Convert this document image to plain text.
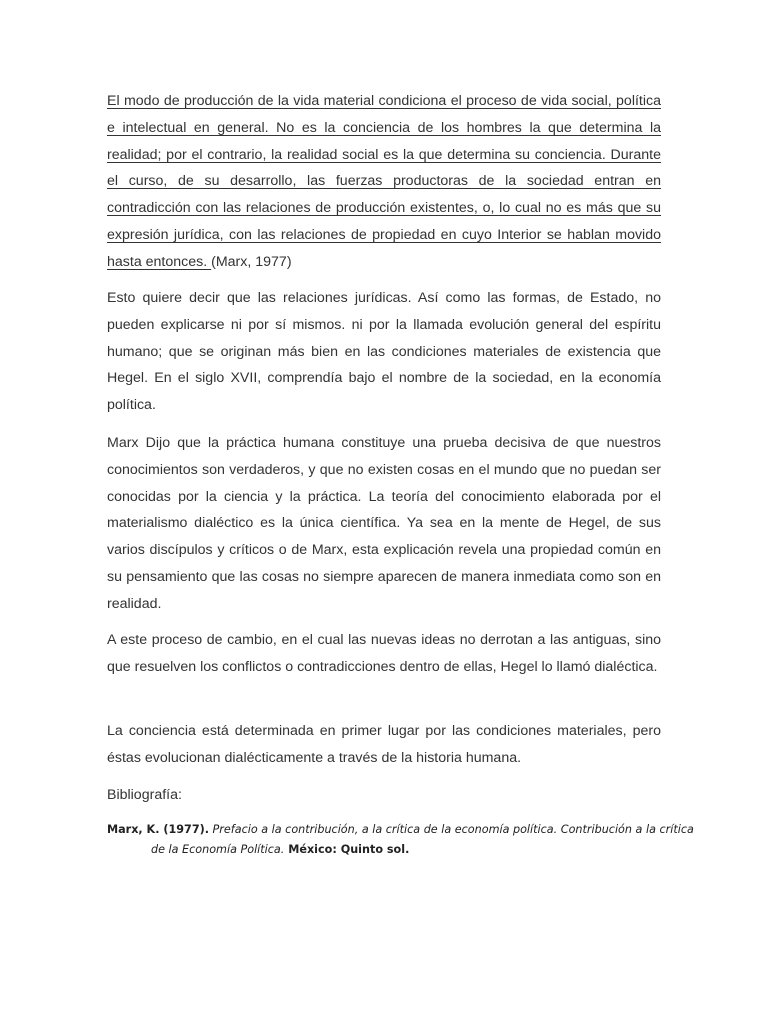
El modo de producción de la vida material condiciona el proceso de vida social, política e intelectual en general. No es la conciencia de los hombres la que determina la realidad; por el contrario, la realidad social es la que determina su conciencia. Durante el curso, de su desarrollo, las fuerzas productoras de la sociedad entran en contradicción con las relaciones de producción existentes, o, lo cual no es más que su expresión jurídica, con las relaciones de propiedad en cuyo Interior se hablan movido hasta entonces. (Marx, 1977)

Esto quiere decir que las relaciones jurídicas. Así como las formas, de Estado, no pueden explicarse ni por sí mismos. ni por la llamada evolución general del espíritu humano; que se originan más bien en las condiciones materiales de existencia que Hegel. En el siglo XVII, comprendía bajo el nombre de la sociedad, en la economía política.

Marx Dijo que la práctica humana constituye una prueba decisiva de que nuestros conocimientos son verdaderos, y que no existen cosas en el mundo que no puedan ser conocidas por la ciencia y la práctica. La teoría del conocimiento elaborada por el materialismo dialéctico es la única científica. Ya sea en la mente de Hegel, de sus varios discípulos y críticos o de Marx, esta explicación revela una propiedad común en su pensamiento que las cosas no siempre aparecen de manera inmediata como son en realidad.

A este proceso de cambio, en el cual las nuevas ideas no derrotan a las antiguas, sino que resuelven los conflictos o contradicciones dentro de ellas, Hegel lo llamó dialéctica.

La conciencia está determinada en primer lugar por las condiciones materiales, pero éstas evolucionan dialécticamente a través de la historia humana.

Bibliografía:

Marx, K. (1977). Prefacio a la contribución, a la crítica de la economía política. Contribución a la crítica de la Economía Política. México: Quinto sol.
